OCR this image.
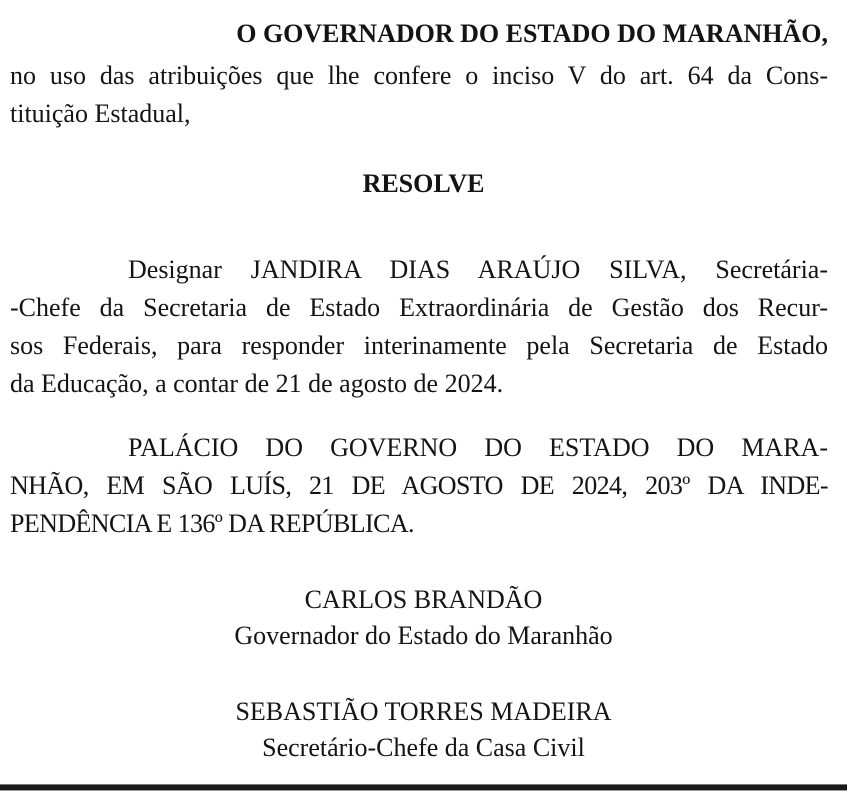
O GOVERNADOR DO ESTADO DO MARANHÃO,
no uso das atribuições que lhe confere o inciso V do art. 64 da Cons-
tituição Estadual,
RESOLVE
Designar JANDIRA DIAS ARAÚJO SILVA, Secretária-
-Chefe da Secretaria de Estado Extraordinária de Gestão dos Recur-
sos Federais, para responder interinamente pela Secretaria de Estado
da Educação, a contar de 21 de agosto de 2024.
PALÁCIO DO GOVERNO DO ESTADO DO MARA-
NHÃO, EM SÃO LUÍS, 21 DE AGOSTO DE 2024, 203º DA INDE-
PENDÊNCIA E 136º DA REPÚBLICA.
CARLOS BRANDÃO
Governador do Estado do Maranhão
SEBASTIÃO TORRES MADEIRA
Secretário-Chefe da Casa Civil
